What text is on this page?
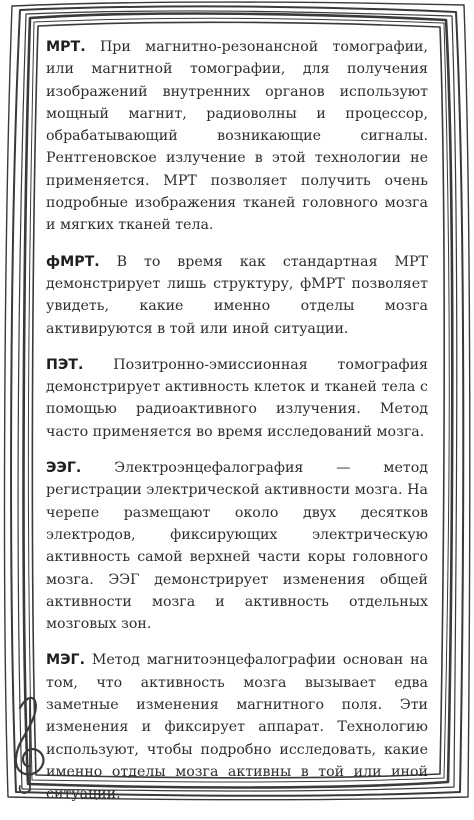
МРТ. При магнитно-резонансной томографии, или магнитной томографии, для получения изображений внутренних органов используют мощный магнит, радиоволны и процессор, обрабатывающий возникающие сигналы. Рентгеновское излучение в этой технологии не применяется. МРТ позволяет получить очень подробные изображения тканей головного мозга и мягких тканей тела.

фМРТ. В то время как стандартная МРТ демонстрирует лишь структуру, фМРТ позволяет увидеть, какие именно отделы мозга активируются в той или иной ситуации.

ПЭТ. Позитронно-эмиссионная томография демонстрирует активность клеток и тканей тела с помощью радиоактивного излучения. Метод часто применяется во время исследований мозга.

ЭЭГ. Электроэнцефалография — метод регистрации электрической активности мозга. На черепе размещают около двух десятков электродов, фиксирующих электрическую активность самой верхней части коры головного мозга. ЭЭГ демонстрирует изменения общей активности мозга и активность отдельных мозговых зон.

МЭГ. Метод магнитоэнцефалографии основан на том, что активность мозга вызывает едва заметные изменения магнитного поля. Эти изменения и фиксирует аппарат. Технологию используют, чтобы подробно исследовать, какие именно отделы мозга активны в той или иной ситуации.
